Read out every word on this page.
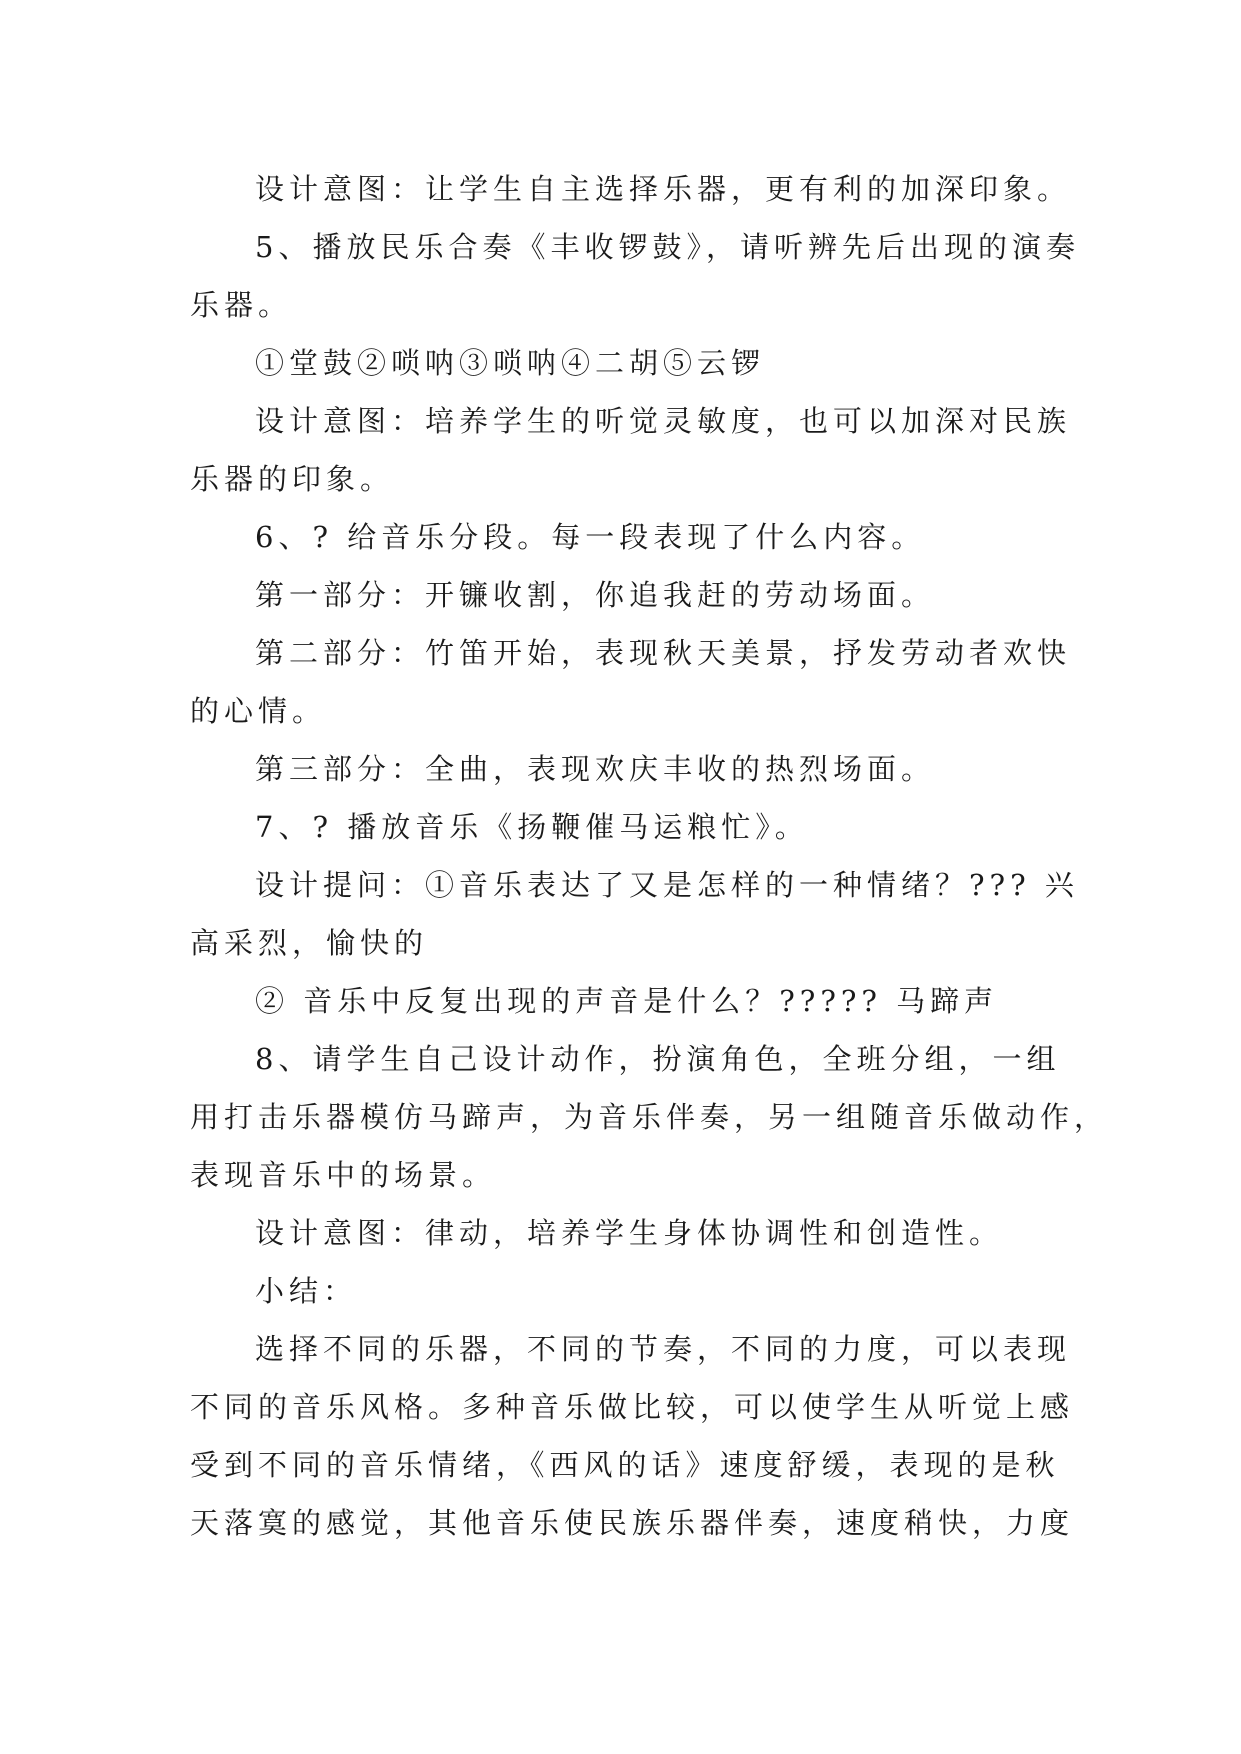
设计意图：让学生自主选择乐器，更有利的加深印象。
5、播放民乐合奏《丰收锣鼓》，请听辨先后出现的演奏
乐器。
①堂鼓②唢呐③唢呐④二胡⑤云锣
设计意图：培养学生的听觉灵敏度，也可以加深对民族
乐器的印象。
6、? 给音乐分段。每一段表现了什么内容。
第一部分：开镰收割，你追我赶的劳动场面。
第二部分：竹笛开始，表现秋天美景，抒发劳动者欢快
的心情。
第三部分：全曲，表现欢庆丰收的热烈场面。
7、? 播放音乐《扬鞭催马运粮忙》。
设计提问：①音乐表达了又是怎样的一种情绪？??? 兴
高采烈，愉快的
② 音乐中反复出现的声音是什么？????? 马蹄声
8、请学生自己设计动作，扮演角色，全班分组，一组
用打击乐器模仿马蹄声，为音乐伴奏，另一组随音乐做动作，
表现音乐中的场景。
设计意图：律动，培养学生身体协调性和创造性。
小结：
选择不同的乐器，不同的节奏，不同的力度，可以表现
不同的音乐风格。多种音乐做比较，可以使学生从听觉上感
受到不同的音乐情绪，《西风的话》速度舒缓，表现的是秋
天落寞的感觉，其他音乐使民族乐器伴奏，速度稍快，力度
